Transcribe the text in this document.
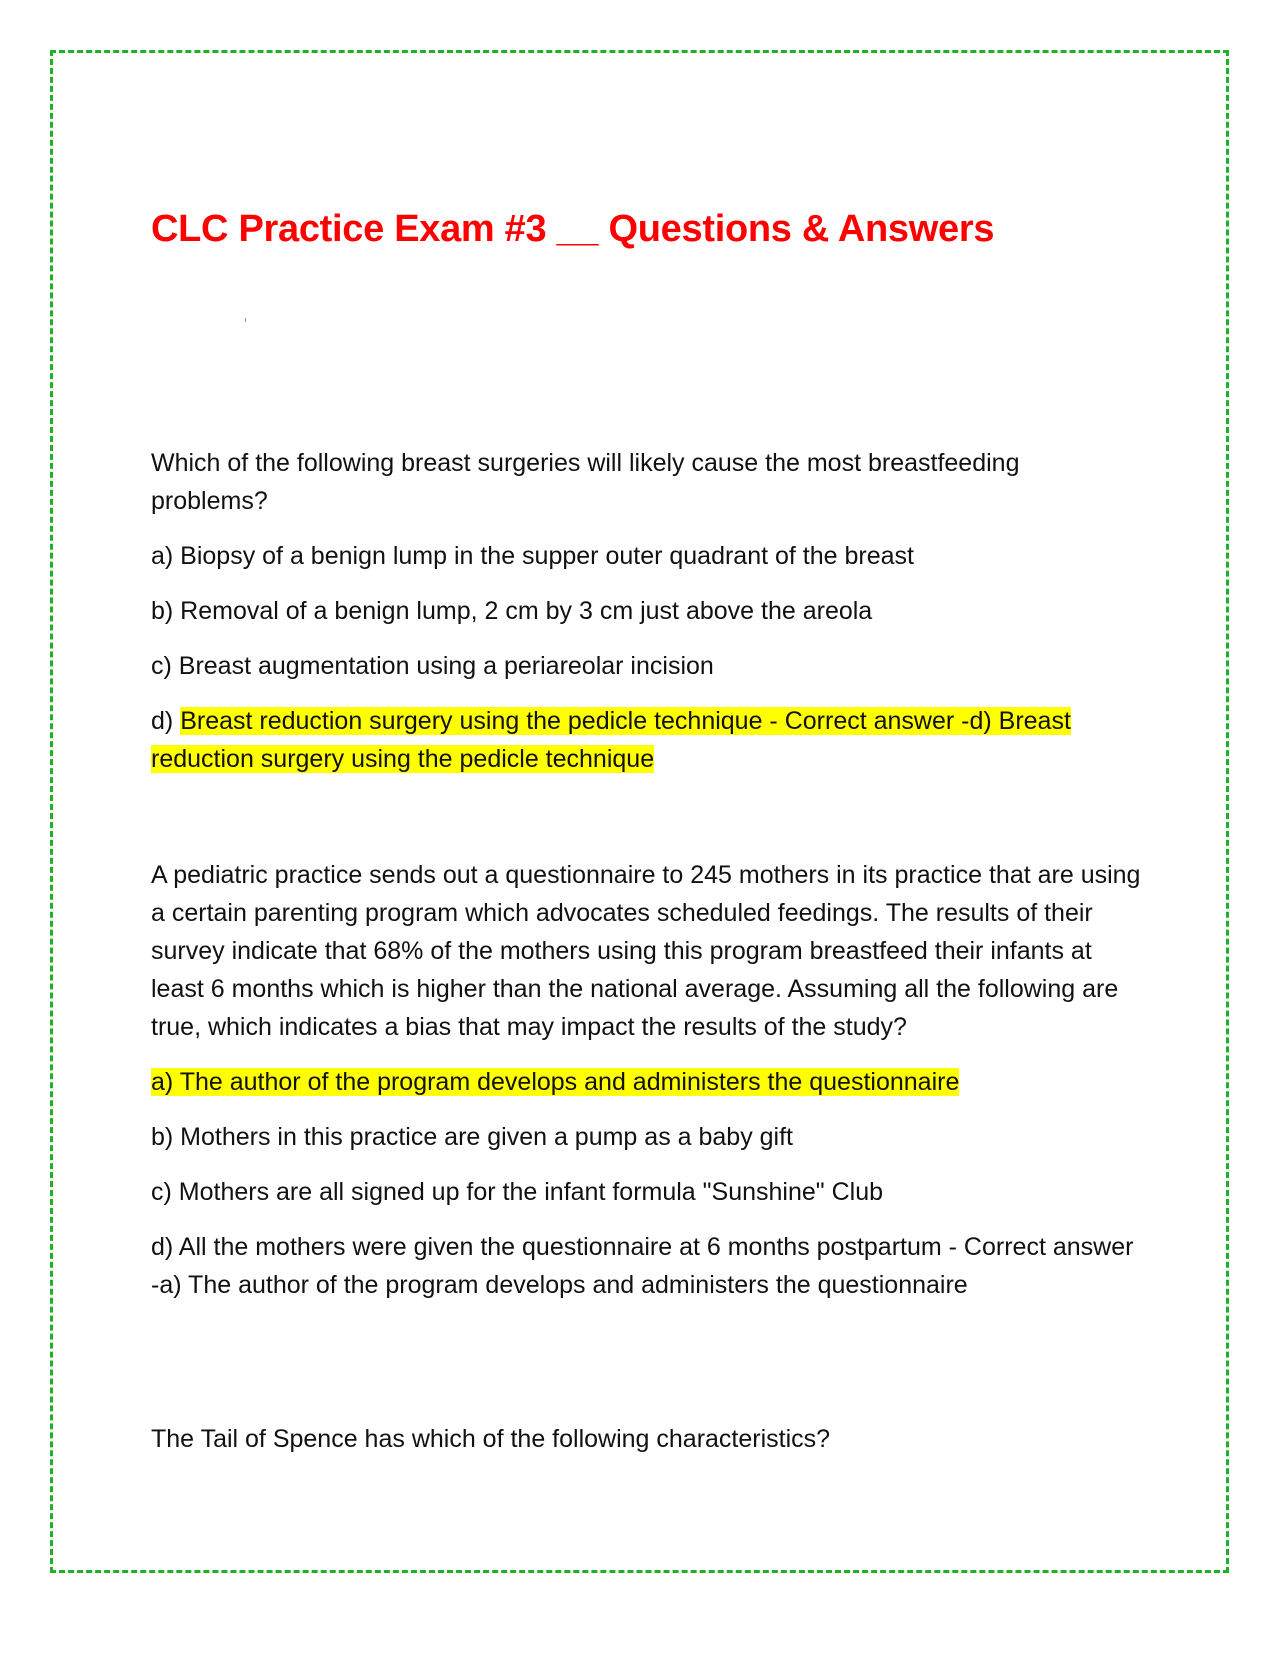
CLC Practice Exam #3 __ Questions & Answers

Which of the following breast surgeries will likely cause the most breastfeeding problems?

a) Biopsy of a benign lump in the supper outer quadrant of the breast

b) Removal of a benign lump, 2 cm by 3 cm just above the areola

c) Breast augmentation using a periareolar incision

d) Breast reduction surgery using the pedicle technique - Correct answer -d) Breast reduction surgery using the pedicle technique

A pediatric practice sends out a questionnaire to 245 mothers in its practice that are using a certain parenting program which advocates scheduled feedings. The results of their survey indicate that 68% of the mothers using this program breastfeed their infants at least 6 months which is higher than the national average. Assuming all the following are true, which indicates a bias that may impact the results of the study?

a) The author of the program develops and administers the questionnaire

b) Mothers in this practice are given a pump as a baby gift

c) Mothers are all signed up for the infant formula "Sunshine" Club

d) All the mothers were given the questionnaire at 6 months postpartum - Correct answer -a) The author of the program develops and administers the questionnaire

The Tail of Spence has which of the following characteristics?
